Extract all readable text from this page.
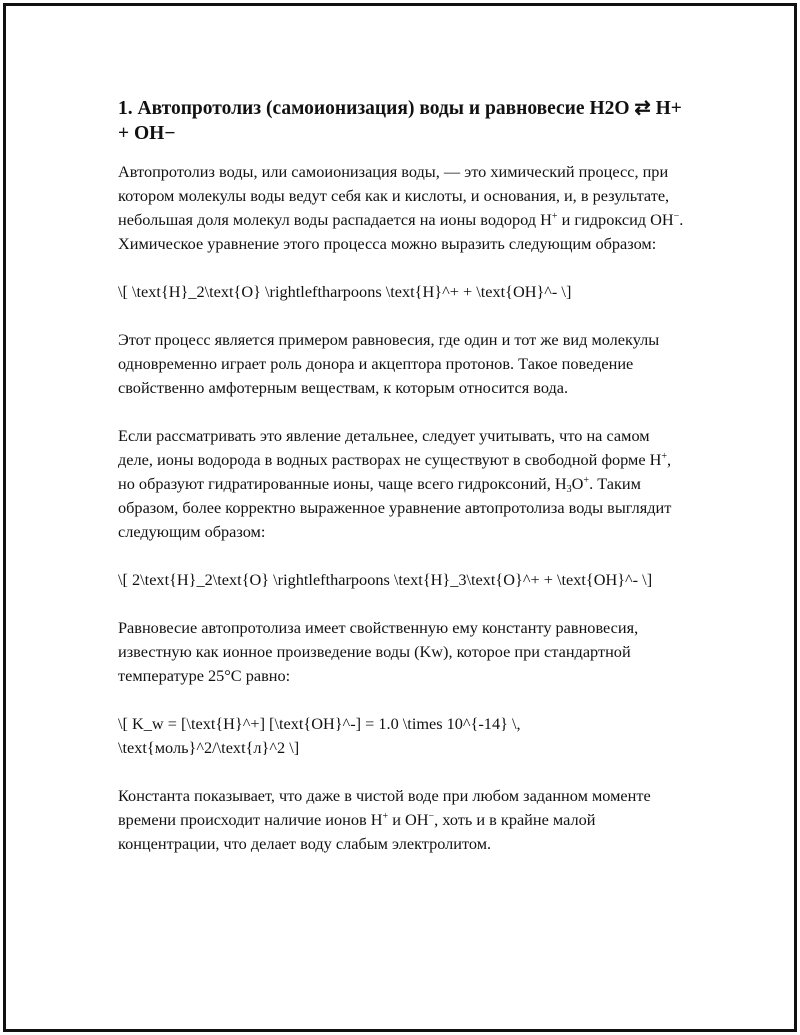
1. Автопротолиз (самоионизация) воды и равновесие H2O ⇄ H+ + OH−

Автопротолиз воды, или самоионизация воды, — это химический процесс, при котором молекулы воды ведут себя как и кислоты, и основания, и, в результате, небольшая доля молекул воды распадается на ионы водород H+ и гидроксид OH−. Химическое уравнение этого процесса можно выразить следующим образом:

\[ \text{H}_2\text{O} \rightleftharpoons \text{H}^+ + \text{OH}^- \]

Этот процесс является примером равновесия, где один и тот же вид молекулы одновременно играет роль донора и акцептора протонов. Такое поведение свойственно амфотерным веществам, к которым относится вода.

Если рассматривать это явление детальнее, следует учитывать, что на самом деле, ионы водорода в водных растворах не существуют в свободной форме H+, но образуют гидратированные ионы, чаще всего гидроксоний, $H_3O^+$. Таким образом, более корректно выраженное уравнение автопротолиза воды выглядит следующим образом:

\[ 2\text{H}_2\text{O} \rightleftharpoons \text{H}_3\text{O}^+ + \text{OH}^- \]

Равновесие автопротолиза имеет свойственную ему константу равновесия, известную как ионное произведение воды (Kw), которое при стандартной температуре 25°C равно:

\[ K_w = [\text{H}^+] [\text{OH}^-] = 1.0 \times 10^{-14} \, \text{моль}^2/\text{л}^2 \]

Константа показывает, что даже в чистой воде при любом заданном моменте времени происходит наличие ионов H+ и OH−, хоть и в крайне малой концентрации, что делает воду слабым электролитом.
